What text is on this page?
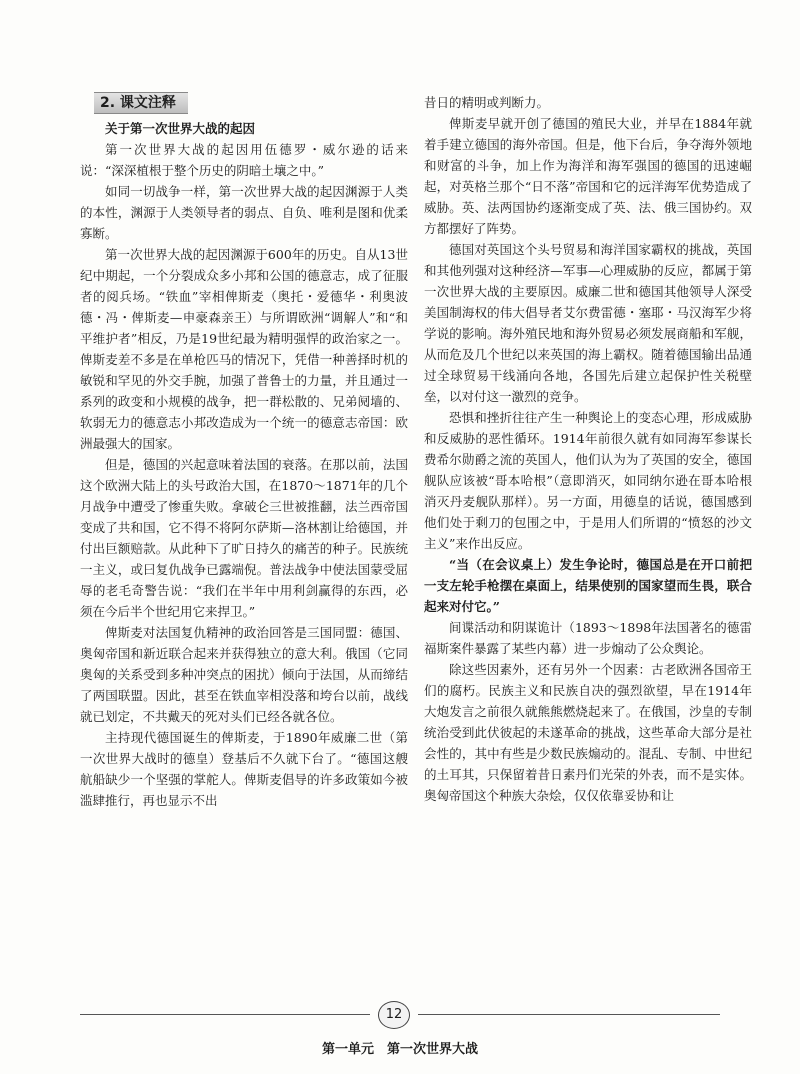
2. 课文注释
关于第一次世界大战的起因

第一次世界大战的起因用伍德罗・威尔逊的话来说：“深深植根于整个历史的阴暗土壤之中。”

如同一切战争一样，第一次世界大战的起因渊源于人类的本性，渊源于人类领导者的弱点、自负、唯利是图和优柔寡断。

第一次世界大战的起因渊源于600年的历史。自从13世纪中期起，一个分裂成众多小邦和公国的德意志，成了征服者的阅兵场。“铁血”宰相俾斯麦（奥托・爱德华・利奥波德・冯・俾斯麦—申豪森亲王）与所谓欧洲“调解人”和“和平维护者”相反，乃是19世纪最为精明强悍的政治家之一。俾斯麦差不多是在单枪匹马的情况下，凭借一种善择时机的敏锐和罕见的外交手腕，加强了普鲁士的力量，并且通过一系列的政变和小规模的战争，把一群松散的、兄弟阋墙的、软弱无力的德意志小邦改造成为一个统一的德意志帝国：欧洲最强大的国家。

但是，德国的兴起意味着法国的衰落。在那以前，法国这个欧洲大陆上的头号政治大国，在1870～1871年的几个月战争中遭受了惨重失败。拿破仑三世被推翻，法兰西帝国变成了共和国，它不得不将阿尔萨斯—洛林割让给德国，并付出巨额赔款。从此种下了旷日持久的痛苦的种子。民族统一主义，或曰复仇战争已露端倪。普法战争中使法国蒙受屈辱的老毛奇警告说：“我们在半年中用利剑赢得的东西，必须在今后半个世纪用它来捍卫。”

俾斯麦对法国复仇精神的政治回答是三国同盟：德国、奥匈帝国和新近联合起来并获得独立的意大利。俄国（它同奥匈的关系受到多种冲突点的困扰）倾向于法国，从而缔结了两国联盟。因此，甚至在铁血宰相没落和垮台以前，战线就已划定，不共戴天的死对头们已经各就各位。

主持现代德国诞生的俾斯麦，于1890年威廉二世（第一次世界大战时的德皇）登基后不久就下台了。“德国这艘航船缺少一个坚强的掌舵人。俾斯麦倡导的许多政策如今被滥肆推行，再也显示不出

昔日的精明或判断力。

俾斯麦早就开创了德国的殖民大业，并早在1884年就着手建立德国的海外帝国。但是，他下台后，争夺海外领地和财富的斗争，加上作为海洋和海军强国的德国的迅速崛起，对英格兰那个“日不落”帝国和它的远洋海军优势造成了威胁。英、法两国协约逐渐变成了英、法、俄三国协约。双方都摆好了阵势。

德国对英国这个头号贸易和海洋国家霸权的挑战，英国和其他列强对这种经济—军事—心理威胁的反应，都属于第一次世界大战的主要原因。威廉二世和德国其他领导人深受美国制海权的伟大倡导者艾尔费雷德・塞耶・马汉海军少将学说的影响。海外殖民地和海外贸易必须发展商船和军舰，从而危及几个世纪以来英国的海上霸权。随着德国输出品通过全球贸易干线涌向各地，各国先后建立起保护性关税壁垒，以对付这一激烈的竞争。

恐惧和挫折往往产生一种舆论上的变态心理，形成威胁和反威胁的恶性循环。1914年前很久就有如同海军参谋长费希尔勋爵之流的英国人，他们认为为了英国的安全，德国舰队应该被“哥本哈根”（意即消灭，如同纳尔逊在哥本哈根消灭丹麦舰队那样）。另一方面，用德皇的话说，德国感到他们处于剩刀的包围之中，于是用人们所谓的“愤怒的沙文主义”来作出反应。

“当（在会议桌上）发生争论时，德国总是在开口前把一支左轮手枪摆在桌面上，结果使别的国家望而生畏，联合起来对付它。”

间谍活动和阴谋诡计（1893～1898年法国著名的德雷福斯案件暴露了某些内幕）进一步煽动了公众舆论。

除这些因素外，还有另外一个因素：古老欧洲各国帝王们的腐朽。民族主义和民族自决的强烈欲望，早在1914年大炮发言之前很久就熊熊燃烧起来了。在俄国，沙皇的专制统治受到此伏彼起的未遂革命的挑战，这些革命大部分是社会性的，其中有些是少数民族煽动的。混乱、专制、中世纪的土耳其，只保留着昔日素丹们光荣的外表，而不是实体。奥匈帝国这个种族大杂烩，仅仅依靠妥协和让

12
第一单元　第一次世界大战
